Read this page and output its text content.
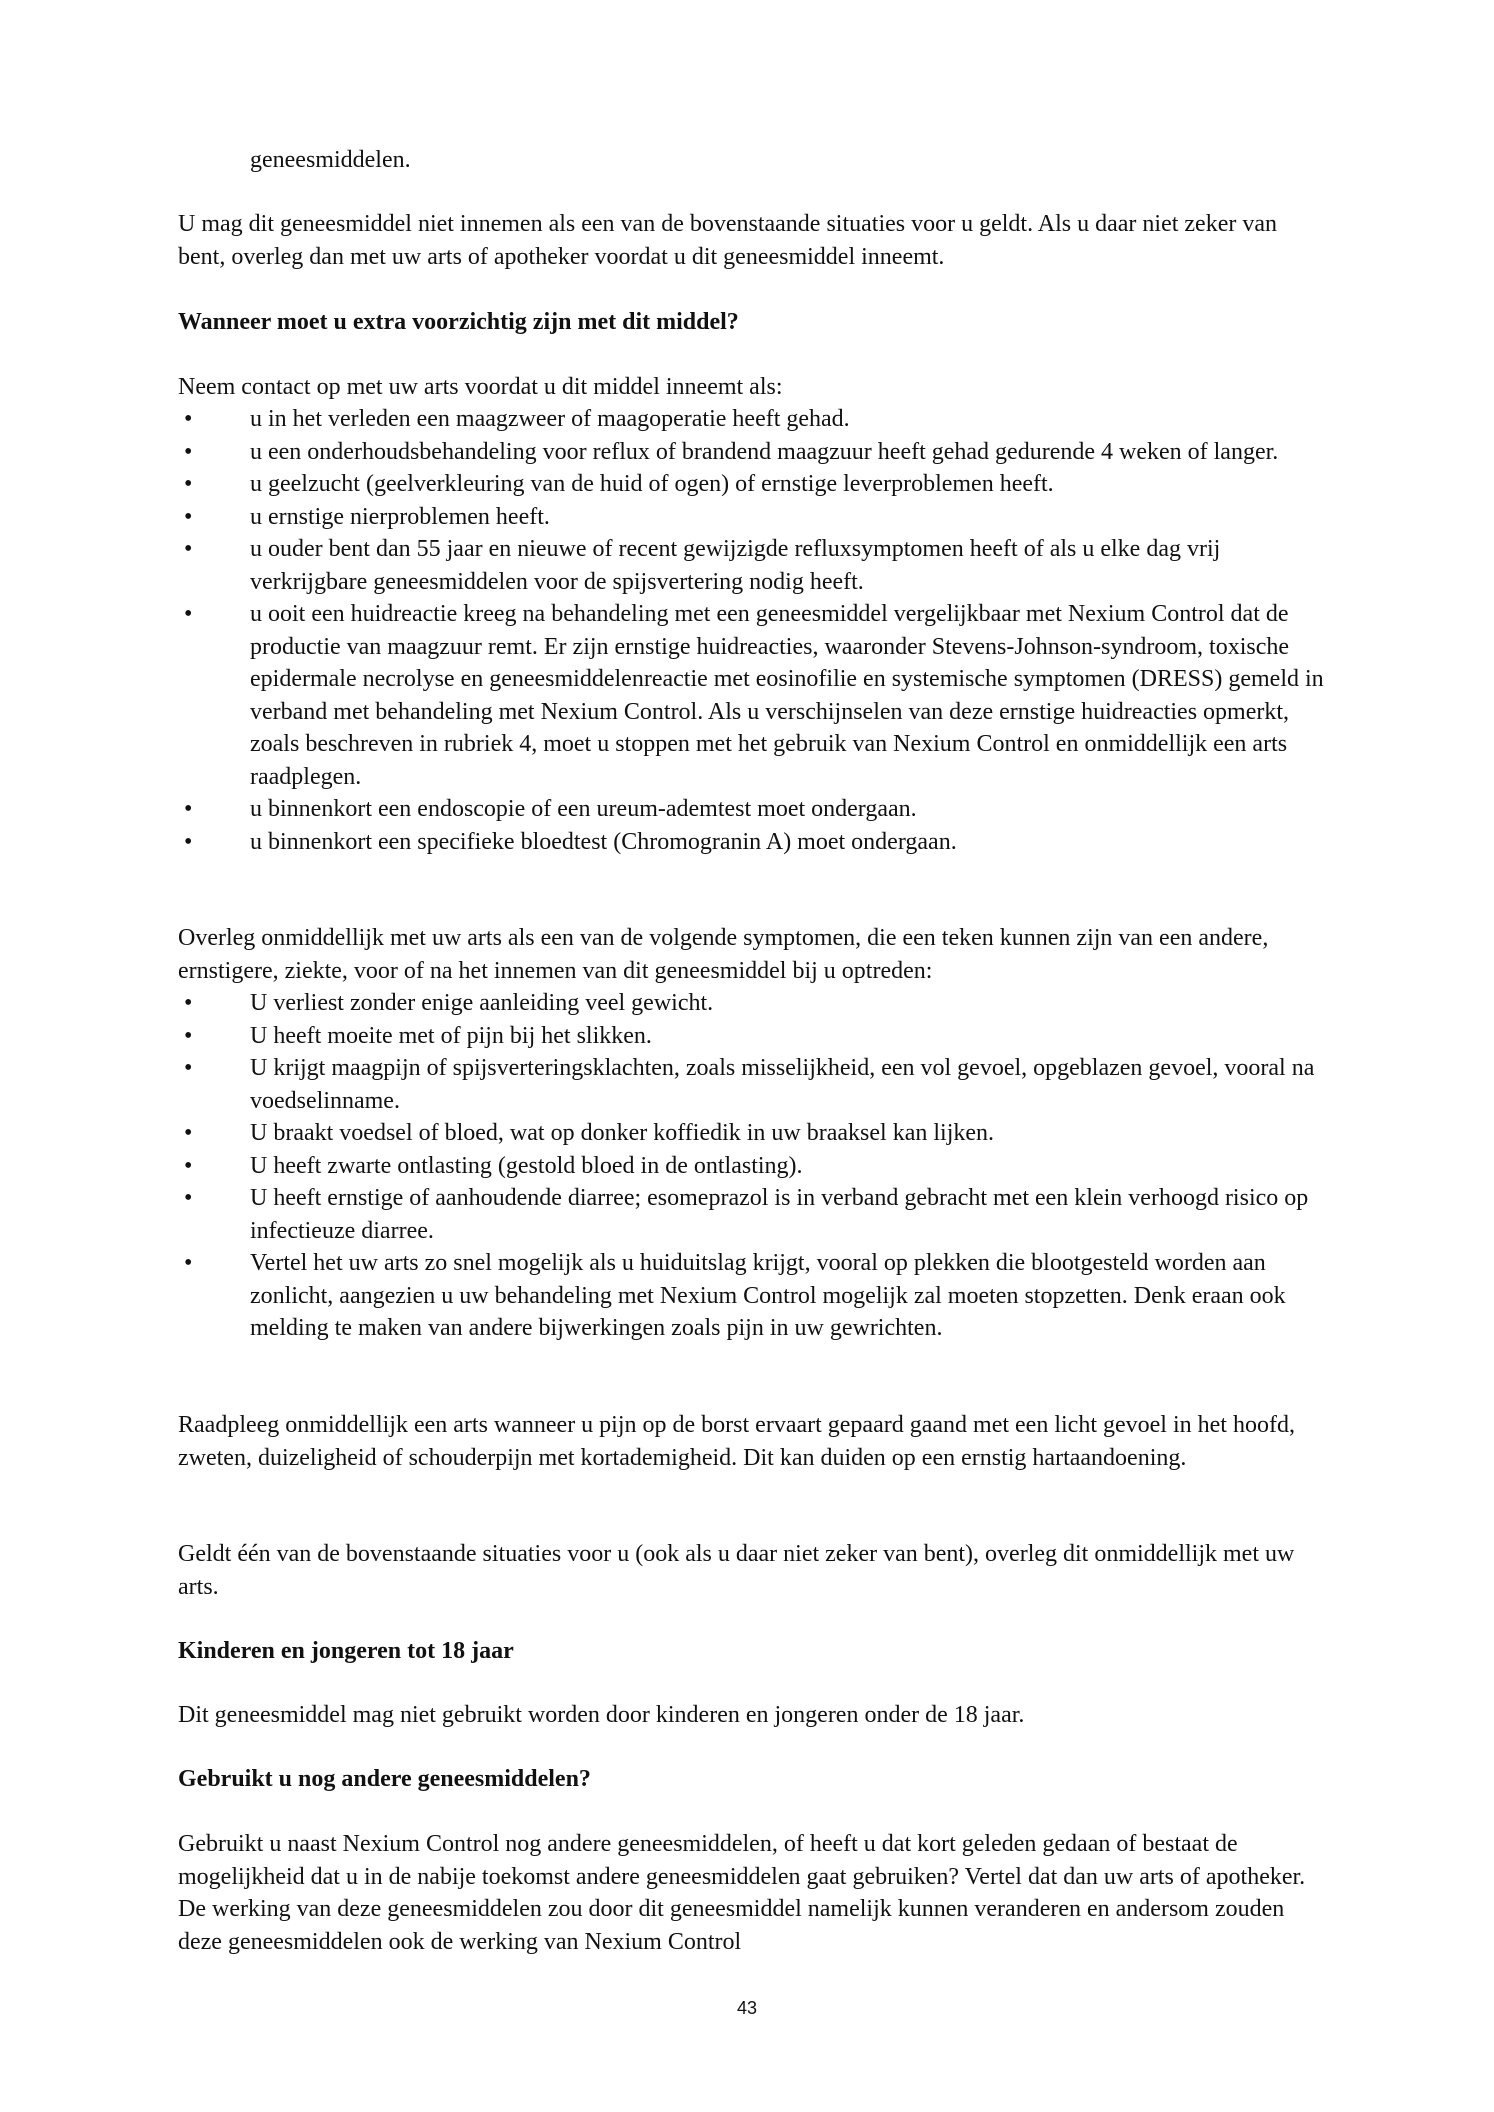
geneesmiddelen.

U mag dit geneesmiddel niet innemen als een van de bovenstaande situaties voor u geldt. Als u daar niet zeker van bent, overleg dan met uw arts of apotheker voordat u dit geneesmiddel inneemt.

Wanneer moet u extra voorzichtig zijn met dit middel?

Neem contact op met uw arts voordat u dit middel inneemt als:

• u in het verleden een maagzweer of maagoperatie heeft gehad.
• u een onderhoudsbehandeling voor reflux of brandend maagzuur heeft gehad gedurende 4 weken of langer.
• u geelzucht (geelverkleuring van de huid of ogen) of ernstige leverproblemen heeft.
• u ernstige nierproblemen heeft.
• u ouder bent dan 55 jaar en nieuwe of recent gewijzigde refluxsymptomen heeft of als u elke dag vrij verkrijgbare geneesmiddelen voor de spijsvertering nodig heeft.
• u ooit een huidreactie kreeg na behandeling met een geneesmiddel vergelijkbaar met Nexium Control dat de productie van maagzuur remt. Er zijn ernstige huidreacties, waaronder Stevens-Johnson-syndroom, toxische epidermale necrolyse en geneesmiddelenreactie met eosinofilie en systemische symptomen (DRESS) gemeld in verband met behandeling met Nexium Control. Als u verschijnselen van deze ernstige huidreacties opmerkt, zoals beschreven in rubriek 4, moet u stoppen met het gebruik van Nexium Control en onmiddellijk een arts raadplegen.
• u binnenkort een endoscopie of een ureum-ademtest moet ondergaan.
• u binnenkort een specifieke bloedtest (Chromogranin A) moet ondergaan.

Overleg onmiddellijk met uw arts als een van de volgende symptomen, die een teken kunnen zijn van een andere, ernstigere, ziekte, voor of na het innemen van dit geneesmiddel bij u optreden:

• U verliest zonder enige aanleiding veel gewicht.
• U heeft moeite met of pijn bij het slikken.
• U krijgt maagpijn of spijsverteringsklachten, zoals misselijkheid, een vol gevoel, opgeblazen gevoel, vooral na voedselinname.
• U braakt voedsel of bloed, wat op donker koffiedik in uw braaksel kan lijken.
• U heeft zwarte ontlasting (gestold bloed in de ontlasting).
• U heeft ernstige of aanhoudende diarree; esomeprazol is in verband gebracht met een klein verhoogd risico op infectieuze diarree.
• Vertel het uw arts zo snel mogelijk als u huiduitslag krijgt, vooral op plekken die blootgesteld worden aan zonlicht, aangezien u uw behandeling met Nexium Control mogelijk zal moeten stopzetten. Denk eraan ook melding te maken van andere bijwerkingen zoals pijn in uw gewrichten.

Raadpleeg onmiddellijk een arts wanneer u pijn op de borst ervaart gepaard gaand met een licht gevoel in het hoofd, zweten, duizeligheid of schouderpijn met kortademigheid. Dit kan duiden op een ernstig hartaandoening.

Geldt één van de bovenstaande situaties voor u (ook als u daar niet zeker van bent), overleg dit onmiddellijk met uw arts.

Kinderen en jongeren tot 18 jaar

Dit geneesmiddel mag niet gebruikt worden door kinderen en jongeren onder de 18 jaar.

Gebruikt u nog andere geneesmiddelen?

Gebruikt u naast Nexium Control nog andere geneesmiddelen, of heeft u dat kort geleden gedaan of bestaat de mogelijkheid dat u in de nabije toekomst andere geneesmiddelen gaat gebruiken? Vertel dat dan uw arts of apotheker. De werking van deze geneesmiddelen zou door dit geneesmiddel namelijk kunnen veranderen en andersom zouden deze geneesmiddelen ook de werking van Nexium Control

43
